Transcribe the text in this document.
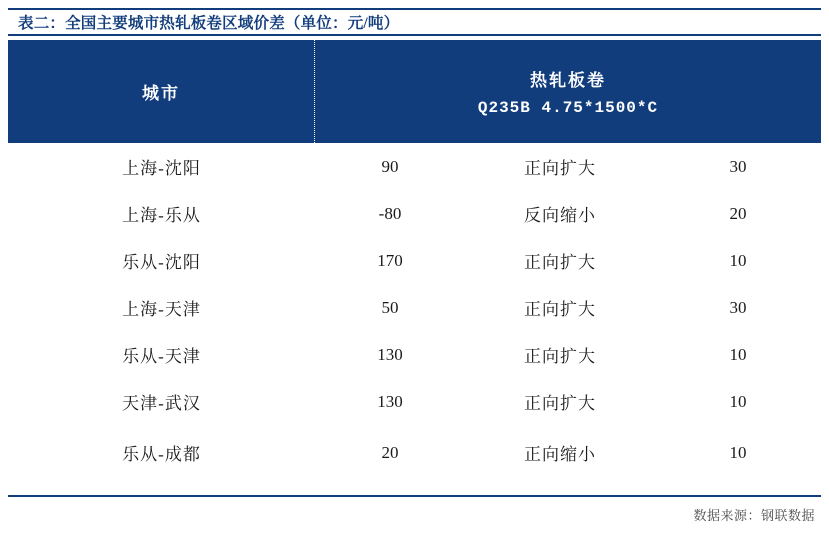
表二：全国主要城市热轧板卷区域价差（单位：元/吨）
城市
热轧板卷
Q235B 4.75*1500*C
上海-沈阳	90	正向扩大	30
上海-乐从	-80	反向缩小	20
乐从-沈阳	170	正向扩大	10
上海-天津	50	正向扩大	30
乐从-天津	130	正向扩大	10
天津-武汉	130	正向扩大	10
乐从-成都	20	正向缩小	10
数据来源：钢联数据
